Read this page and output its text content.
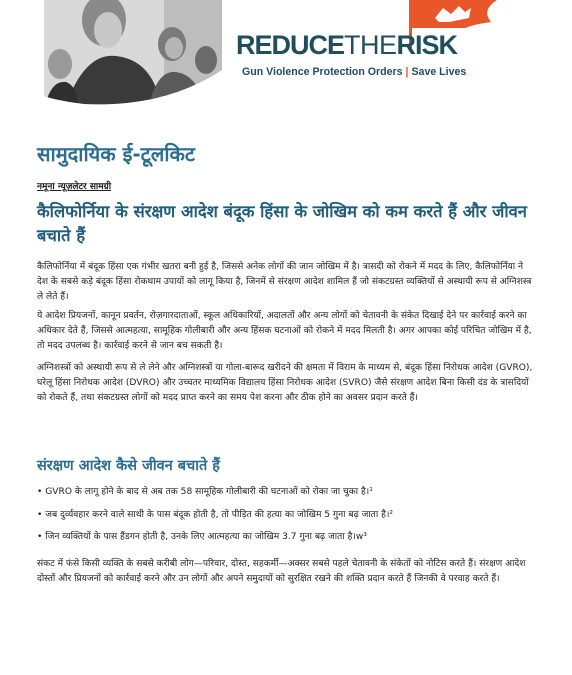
REDUCETHERISK
Gun Violence Protection Orders | Save Lives
सामुदायिक ई-टूलकिट
नमूना न्यूज़लेटर सामग्री
कैलिफोर्निया के संरक्षण आदेश बंदूक हिंसा के जोखिम को कम करते हैं और जीवन बचाते हैं
कैलिफोर्निया में बंदूक हिंसा एक गंभीर खतरा बनी हुई है, जिससे अनेक लोगों की जान जोखिम में है। त्रासदी को रोकने में मदद के लिए, कैलिफोर्निया ने देश के सबसे कड़े बंदूक हिंसा रोकथाम उपायों को लागू किया है, जिनमें से संरक्षण आदेश शामिल हैं जो संकटग्रस्त व्यक्तियों से अस्थायी रूप से अग्निशस्त्र ले लेते हैं।
ये आदेश प्रियजनों, कानून प्रवर्तन, रोज़गारदाताओं, स्कूल अधिकारियों, अदालतों और अन्य लोगों को चेतावनी के संकेत दिखाई देने पर कार्रवाई करने का अधिकार देते हैं, जिससे आत्महत्या, सामूहिक गोलीबारी और अन्य हिंसक घटनाओं को रोकने में मदद मिलती है। अगर आपका कोई परिचित जोखिम में है, तो मदद उपलब्ध है। कार्रवाई करने से जान बच सकती है।
अग्निशस्त्रों को अस्थायी रूप से ले लेने और अग्निशस्त्रों या गोला-बारूद खरीदने की क्षमता में विराम के माध्यम से, बंदूक हिंसा निरोधक आदेश (GVRO), घरेलू हिंसा निरोधक आदेश (DVRO) और उच्चतर माध्यमिक विद्यालय हिंसा निरोधक आदेश (SVRO) जैसे संरक्षण आदेश बिना किसी दंड के त्रासदियों को रोकते हैं, तथा संकटग्रस्त लोगों को मदद प्राप्त करने का समय पेश करना और ठीक होने का अवसर प्रदान करते हैं।
संरक्षण आदेश कैसे जीवन बचाते हैं
• GVRO के लागू होने के बाद से अब तक 58 सामूहिक गोलीबारी की घटनाओं को रोका जा चुका है।¹
• जब दुर्व्यवहार करने वाले साथी के पास बंदूक होती है, तो पीड़ित की हत्या का जोखिम 5 गुना बढ़ जाता है।²
• जिन व्यक्तियों के पास हैंडगन होती है, उनके लिए आत्महत्या का जोखिम 3.7 गुना बढ़ जाता है।w³
संकट में फंसे किसी व्यक्ति के सबसे करीबी लोग—परिवार, दोस्त, सहकर्मी—अक्सर सबसे पहले चेतावनी के संकेतों को नोटिस करते हैं। संरक्षण आदेश दोस्तों और प्रियजनों को कार्रवाई करने और उन लोगों और अपने समुदायों को सुरक्षित रखने की शक्ति प्रदान करते हैं जिनकी वे परवाह करते हैं।
